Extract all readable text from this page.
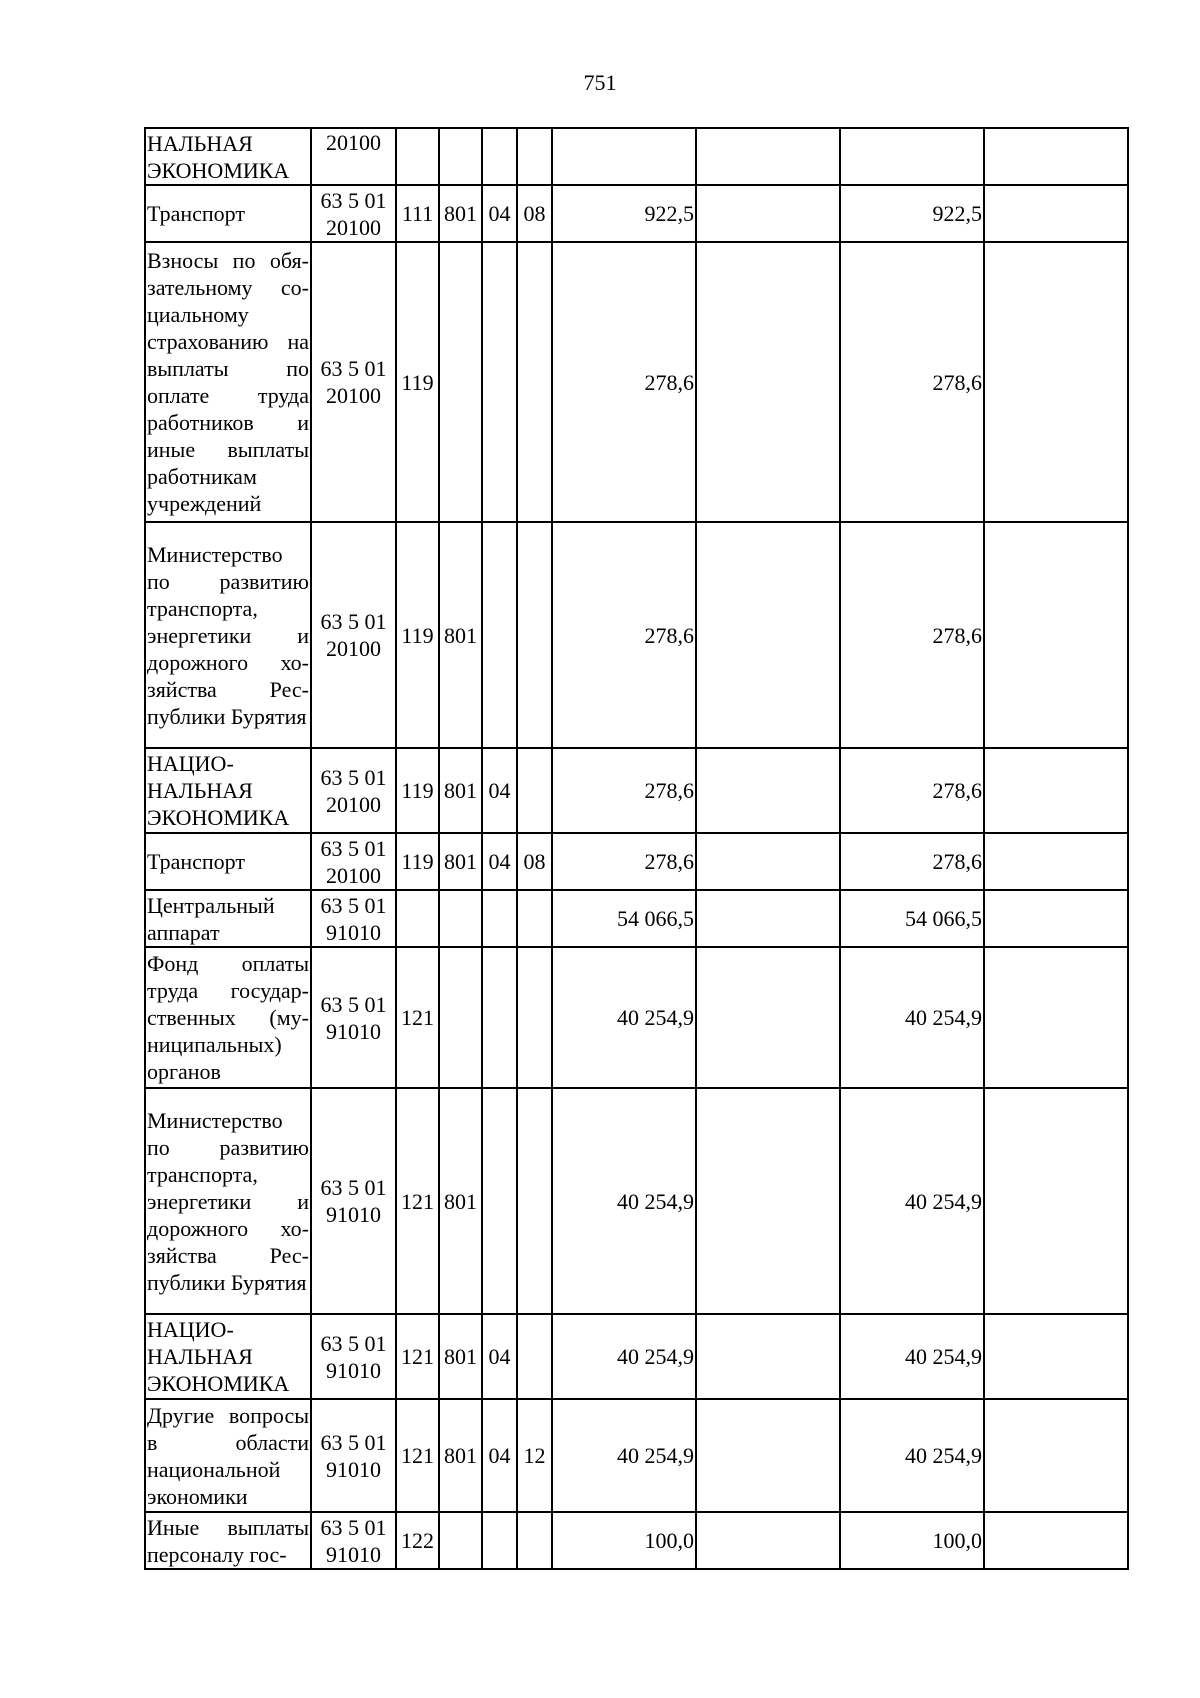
751
НАЛЬНАЯ ЭКОНОМИКА	20100								

Транспорт	63 5 01 20100	111	801	04	08	922,5		922,5	

Взносы по обязательному социальному страхованию на выплаты по оплате труда работников и иные выплаты работникам учреждений	63 5 01 20100	119				278,6		278,6	

Министерство по развитию транспорта, энергетики и дорожного хозяйства Республики Бурятия	63 5 01 20100	119	801			278,6		278,6	

НАЦИОНАЛЬНАЯ ЭКОНОМИКА	63 5 01 20100	119	801	04		278,6		278,6	

Транспорт	63 5 01 20100	119	801	04	08	278,6		278,6	

Центральный аппарат	63 5 01 91010					54 066,5		54 066,5	

Фонд оплаты труда государственных (муниципальных) органов	63 5 01 91010	121				40 254,9		40 254,9	

Министерство по развитию транспорта, энергетики и дорожного хозяйства Республики Бурятия	63 5 01 91010	121	801			40 254,9		40 254,9	

НАЦИОНАЛЬНАЯ ЭКОНОМИКА	63 5 01 91010	121	801	04		40 254,9		40 254,9	

Другие вопросы в области национальной экономики	63 5 01 91010	121	801	04	12	40 254,9		40 254,9	

Иные выплаты персоналу гос-	63 5 01 91010	122				100,0		100,0	
